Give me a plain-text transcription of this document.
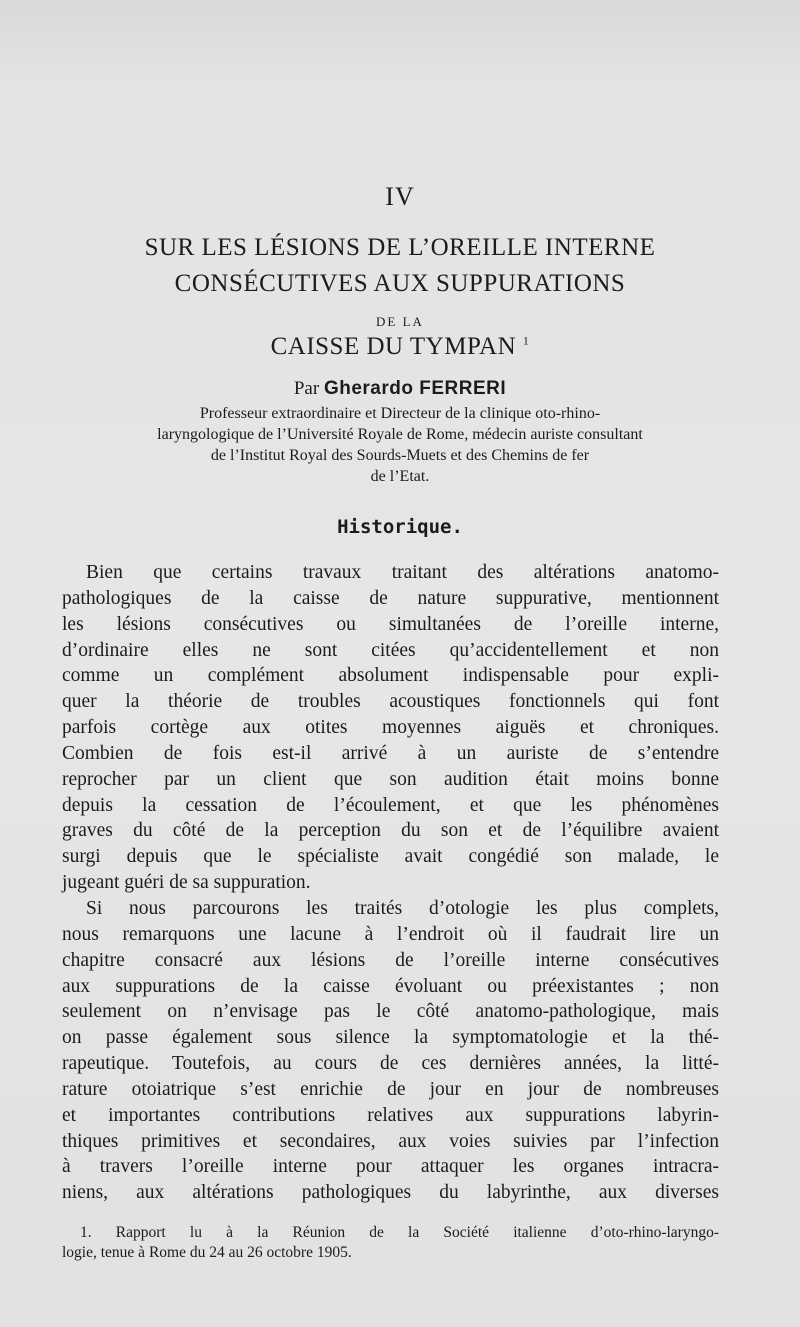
IV
SUR LES LÉSIONS DE L’OREILLE INTERNE
CONSÉCUTIVES AUX SUPPURATIONS
DE LA
CAISSE DU TYMPAN $^1$
Par Gherardo FERRERI
Professeur extraordinaire et Directeur de la clinique oto-rhino-
laryngologique de l’Université Royale de Rome, médecin auriste consultant
de l’Institut Royal des Sourds-Muets et des Chemins de fer
de l’Etat.
Historique.
Bien que certains travaux traitant des altérations anatomo-
pathologiques de la caisse de nature suppurative, mentionnent
les lésions consécutives ou simultanées de l’oreille interne,
d’ordinaire elles ne sont citées qu’accidentellement et non
comme un complément absolument indispensable pour expli-
quer la théorie de troubles acoustiques fonctionnels qui font
parfois cortège aux otites moyennes aiguës et chroniques.
Combien de fois est-il arrivé à un auriste de s’entendre
reprocher par un client que son audition était moins bonne
depuis la cessation de l’écoulement, et que les phénomènes
graves du côté de la perception du son et de l’équilibre avaient
surgi depuis que le spécialiste avait congédié son malade, le
jugeant guéri de sa suppuration.
Si nous parcourons les traités d’otologie les plus complets,
nous remarquons une lacune à l’endroit où il faudrait lire un
chapitre consacré aux lésions de l’oreille interne consécutives
aux suppurations de la caisse évoluant ou préexistantes ; non
seulement on n’envisage pas le côté anatomo-pathologique, mais
on passe également sous silence la symptomatologie et la thé-
rapeutique. Toutefois, au cours de ces dernières années, la litté-
rature otoiatrique s’est enrichie de jour en jour de nombreuses
et importantes contributions relatives aux suppurations labyrin-
thiques primitives et secondaires, aux voies suivies par l’infection
à travers l’oreille interne pour attaquer les organes intracra-
niens, aux altérations pathologiques du labyrinthe, aux diverses
1. Rapport lu à la Réunion de la Société italienne d’oto-rhino-laryngo-
logie, tenue à Rome du 24 au 26 octobre 1905.
